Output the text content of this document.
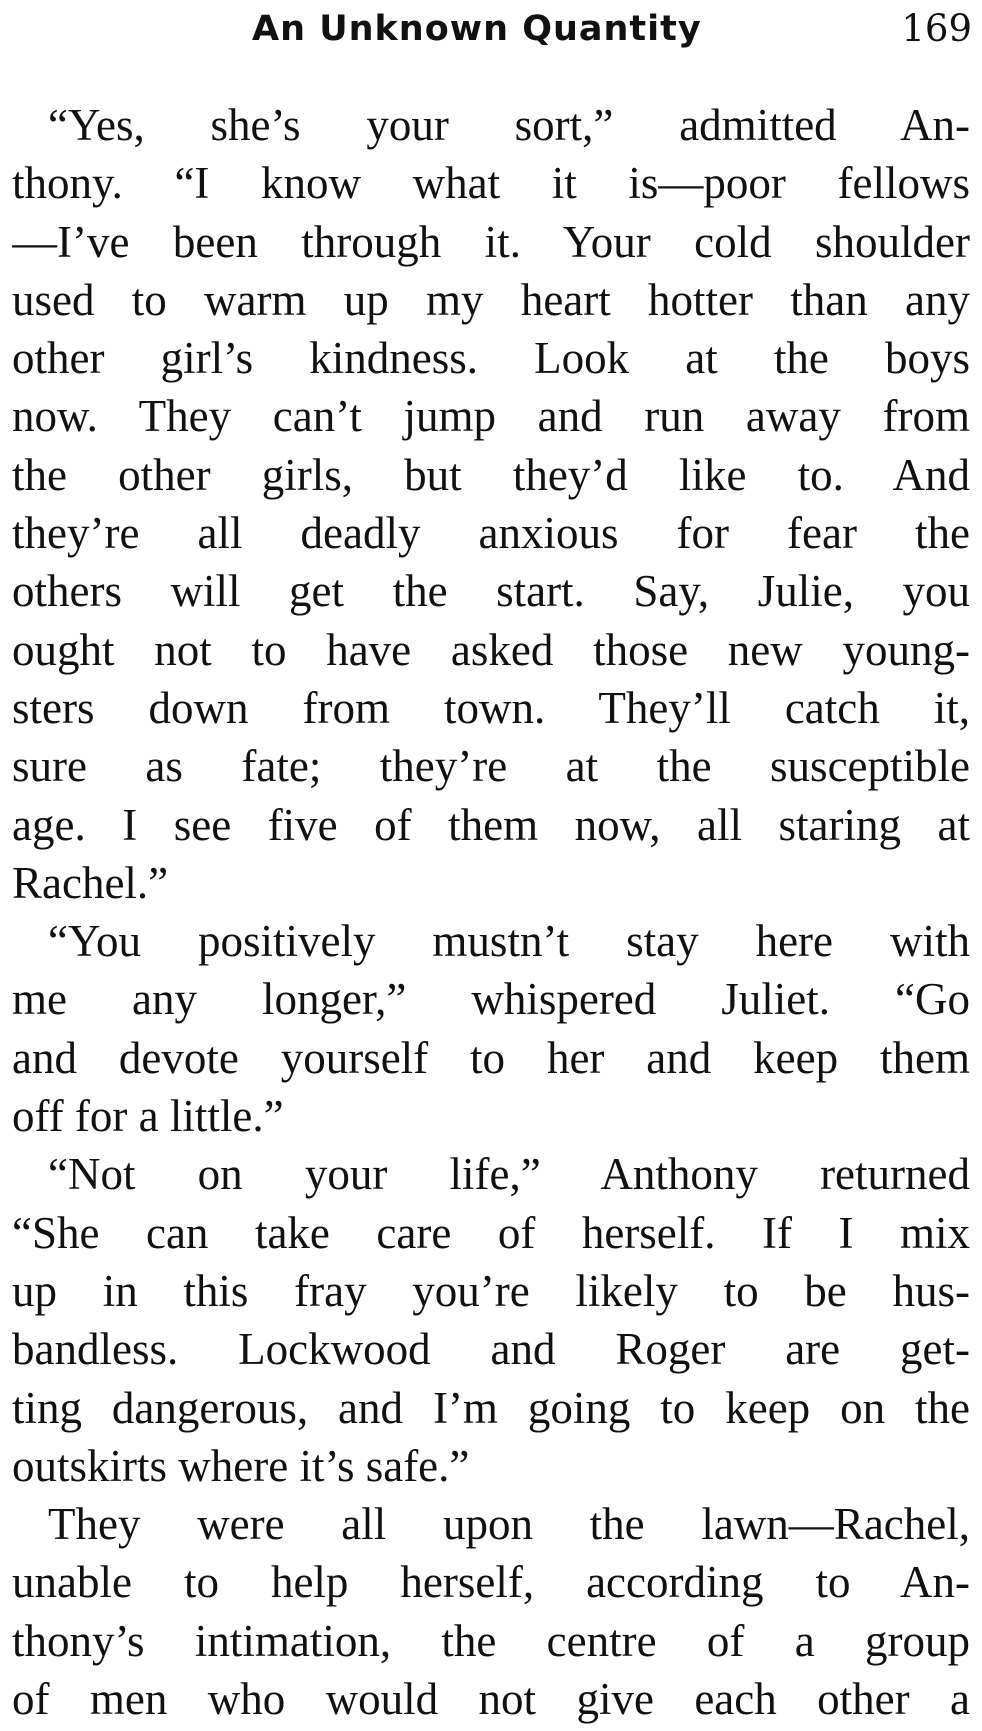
An Unknown Quantity	169
“Yes, she’s your sort,” admitted An-
thony. “I know what it is—poor fellows
—I’ve been through it. Your cold shoulder
used to warm up my heart hotter than any
other girl’s kindness. Look at the boys
now. They can’t jump and run away from
the other girls, but they’d like to. And
they’re all deadly anxious for fear the
others will get the start. Say, Julie, you
ought not to have asked those new young-
sters down from town. They’ll catch it,
sure as fate; they’re at the susceptible
age. I see five of them now, all staring at
Rachel.”
“You positively mustn’t stay here with
me any longer,” whispered Juliet. “Go
and devote yourself to her and keep them
off for a little.”
“Not on your life,” Anthony returned
“She can take care of herself. If I mix
up in this fray you’re likely to be hus-
bandless. Lockwood and Roger are get-
ting dangerous, and I’m going to keep on the
outskirts where it’s safe.”
They were all upon the lawn—Rachel,
unable to help herself, according to An-
thony’s intimation, the centre of a group
of men who would not give each other a
